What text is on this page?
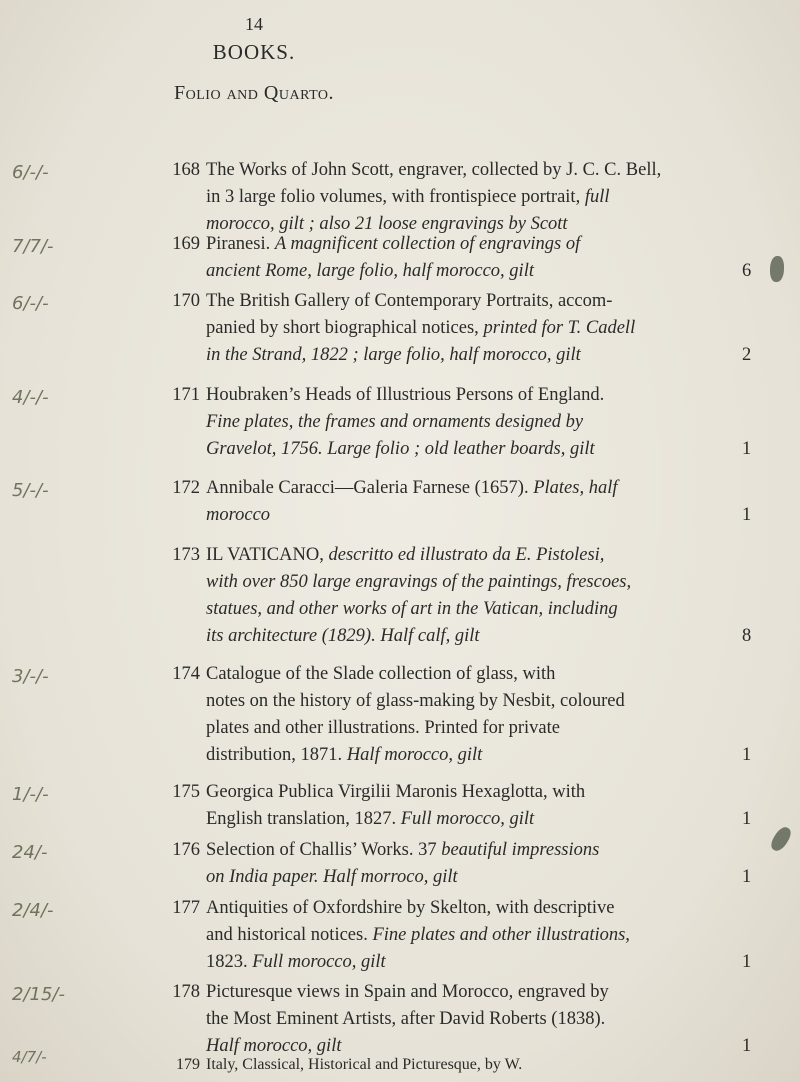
14
BOOKS.
Folio and Quarto.
6/-/-	168 The Works of John Scott, engraver, collected by J. C. C. Bell,
in 3 large folio volumes, with frontispiece portrait, full
morocco, gilt ; also 21 loose engravings by Scott
7/7/-	169 Piranesi. A magnificent collection of engravings of
ancient Rome, large folio, half morocco, gilt	6
6/-/-	170 The British Gallery of Contemporary Portraits, accom-
panied by short biographical notices, printed for T. Cadell
in the Strand, 1822 ; large folio, half morocco, gilt	2
4/-/-	171 Houbraken’s Heads of Illustrious Persons of England.
Fine plates, the frames and ornaments designed by
Gravelot, 1756. Large folio ; old leather boards, gilt	1
5/-/-	172 Annibale Caracci—Galeria Farnese (1657). Plates, half
morocco	1
173 IL VATICANO, descritto ed illustrato da E. Pistolesi,
with over 850 large engravings of the paintings, frescoes,
statues, and other works of art in the Vatican, including
its architecture (1829). Half calf, gilt	8
3/-/-	174 Catalogue of the Slade collection of glass, with
notes on the history of glass-making by Nesbit, coloured
plates and other illustrations. Printed for private
distribution, 1871. Half morocco, gilt	1
1/-/-	175 Georgica Publica Virgilii Maronis Hexaglotta, with
English translation, 1827. Full morocco, gilt	1
24/-	176 Selection of Challis’ Works. 37 beautiful impressions
on India paper. Half morroco, gilt	1
2/4/-	177 Antiquities of Oxfordshire by Skelton, with descriptive
and historical notices. Fine plates and other illustrations,
1823. Full morocco, gilt	1
2/15/-	178 Picturesque views in Spain and Morocco, engraved by
the Most Eminent Artists, after David Roberts (1838).
Half morocco, gilt	1
4/7/-	179 Italy, Classical, Historical and Picturesque, by W.
